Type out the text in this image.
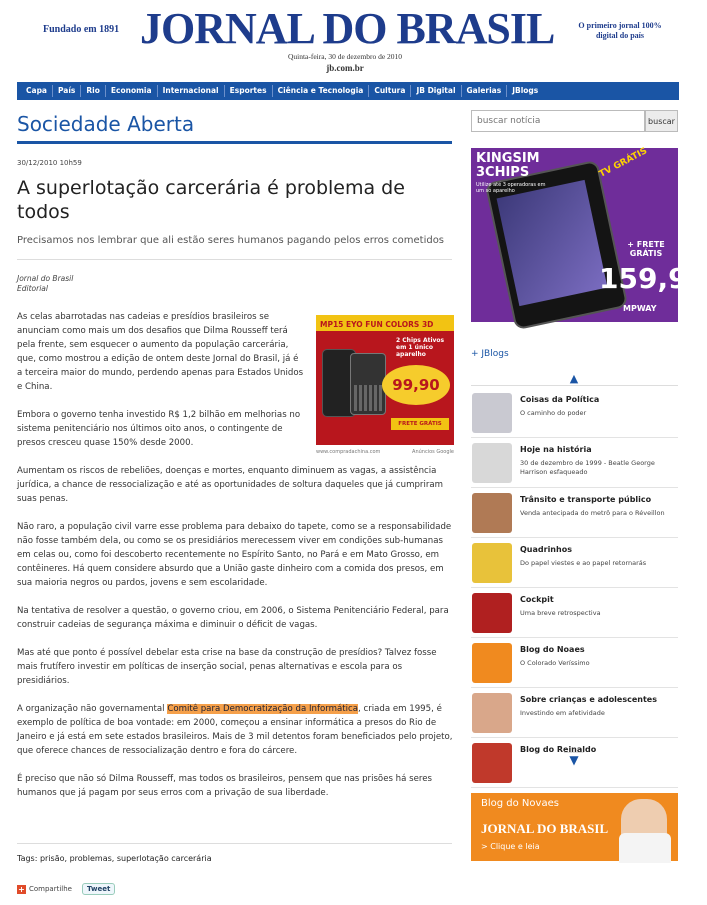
Fundado em 1891 JORNAL DO BRASIL	O primeiro jornal 100% digital do país
Quinta-feira, 30 de dezembro de 2010
jb.com.br
Capa	País	Rio	Economia	Internacional	Esportes	Ciência e Tecnologia	Cultura	JB Digital	Galerias	JBlogs
Sociedade Aberta
buscar notícia	buscar
30/12/2010 10h59
A superlotação carcerária é problema de todos
Precisamos nos lembrar que ali estão seres humanos pagando pelos erros cometidos
Jornal do Brasil
Editorial
MP15 EYO FUN COLORS 3D
2 Chips Ativos em 1 único aparelho
99,90
FRETE GRÁTIS
www.compradachina.com	Anúncios Google

As celas abarrotadas nas cadeias e presídios brasileiros se anunciam como mais um dos desafios que Dilma Rousseff terá pela frente, sem esquecer o aumento da população carcerária, que, como mostrou a edição de ontem deste Jornal do Brasil, já é a terceira maior do mundo, perdendo apenas para Estados Unidos e China.

Embora o governo tenha investido R$ 1,2 bilhão em melhorias no sistema penitenciário nos últimos oito anos, o contingente de presos cresceu quase 150% desde 2000.

Aumentam os riscos de rebeliões, doenças e mortes, enquanto diminuem as vagas, a assistência jurídica, a chance de ressocialização e até as oportunidades de soltura daqueles que já cumpriram suas penas.

Não raro, a população civil varre esse problema para debaixo do tapete, como se a responsabilidade não fosse também dela, ou como se os presidiários merecessem viver em condições sub-humanas em celas ou, como foi descoberto recentemente no Espírito Santo, no Pará e em Mato Grosso, em contêineres. Há quem considere absurdo que a União gaste dinheiro com a comida dos presos, em sua maioria negros ou pardos, jovens e sem escolaridade.

Na tentativa de resolver a questão, o governo criou, em 2006, o Sistema Penitenciário Federal, para construir cadeias de segurança máxima e diminuir o déficit de vagas.

Mas até que ponto é possível debelar esta crise na base da construção de presídios? Talvez fosse mais frutífero investir em políticas de inserção social, penas alternativas e escola para os presidiários.

A organização não governamental Comitê para Democratização da Informática, criada em 1995, é exemplo de política de boa vontade: em 2000, começou a ensinar informática a presos do Rio de Janeiro e já está em sete estados brasileiros. Mais de 3 mil detentos foram beneficiados pelo projeto, que oferece chances de ressocialização dentro e fora do cárcere.

É preciso que não só Dilma Rousseff, mas todos os brasileiros, pensem que nas prisões há seres humanos que já pagam por seus erros com a privação de sua liberdade.

Tags: prisão, problemas, superlotação carcerária
+ Compartilhe	Tweet
KINGSIM
3CHIPS
Utilize até 3 operadoras em um só aparelho
TV GRÁTIS
+ FRETE GRÁTIS
159,90
MPWAY
+ JBlogs
▲
Coisas da Política
O caminho do poder
Hoje na história
30 de dezembro de 1999 - Beatle George Harrison esfaqueado
Trânsito e transporte público
Venda antecipada do metrô para o Réveillon
Quadrinhos
Do papel viestes e ao papel retornarás
Cockpit
Uma breve retrospectiva
Blog do Noaes
O Colorado Veríssimo
Sobre crianças e adolescentes
Investindo em afetividade
Blog do Reinaldo
▼
Blog do Novaes
JORNAL DO BRASIL
> Clique e leia
